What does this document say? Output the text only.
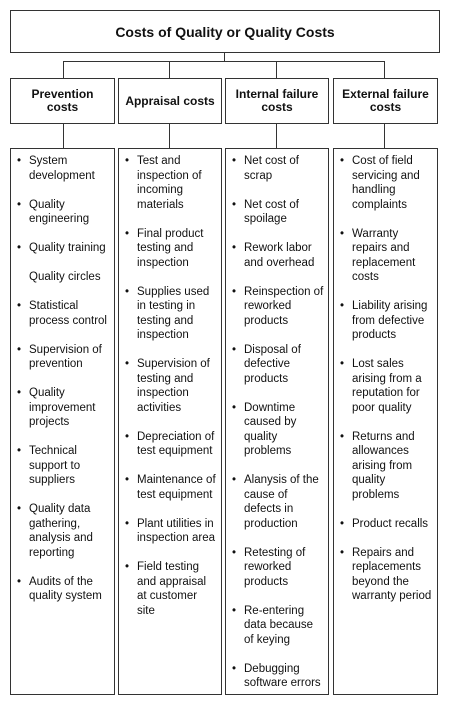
Costs of Quality or Quality Costs
Prevention costs	Appraisal costs	Internal failure costs
External failure costs
• System development
• Quality engineering
• Quality training
Quality circles
• Statistical process control
• Supervision of prevention
• Quality improvement projects
• Technical support to suppliers
• Quality data gathering, analysis and reporting
• Audits of the quality system
• Test and inspection of incoming materials
• Final product testing and inspection
• Supplies used in testing in testing and inspection
• Supervision of testing and inspection activities
• Depreciation of test equipment
• Maintenance of test equipment
• Plant utilities in inspection area
• Field testing and appraisal at customer site
• Net cost of scrap
• Net cost of spoilage
• Rework labor and overhead
• Reinspection of reworked products
• Disposal of defective products
• Downtime caused by quality problems
• Alanysis of the cause of defects in production
• Retesting of reworked products
• Re-entering data because of keying
• Debugging software errors
• Cost of field servicing and handling complaints
• Warranty repairs and replacement costs
• Liability arising from defective products
• Lost sales arising from a reputation for poor quality
• Returns and allowances arising from quality problems
• Product recalls
• Repairs and replacements beyond the warranty period
